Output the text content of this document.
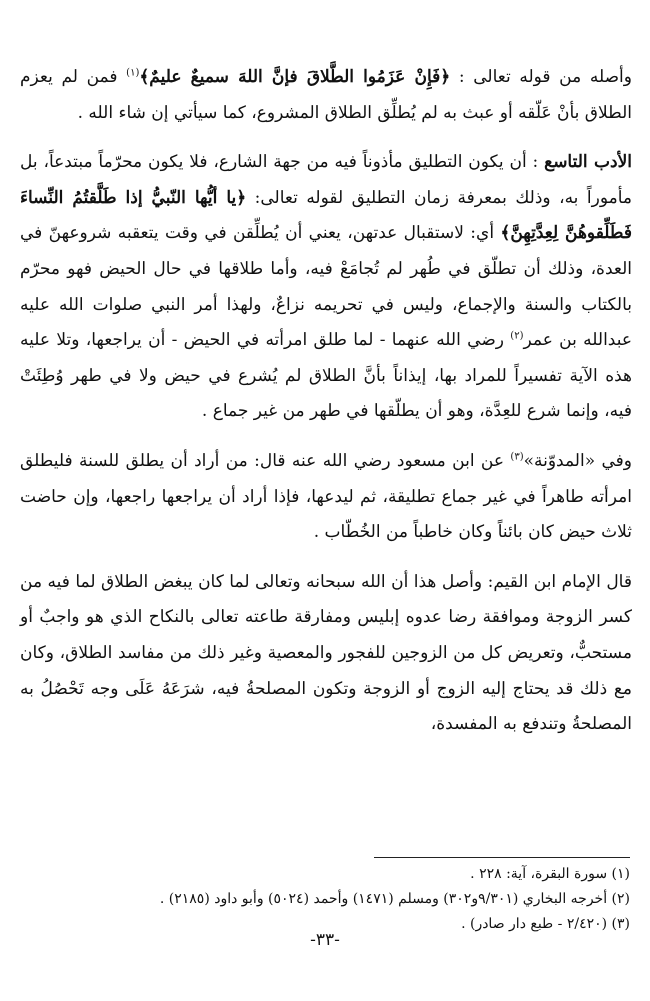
وأصله من قوله تعالى : ﴿فَإِنْ عَزَمُوا الطَّلاقَ فإنَّ اللهَ سميعٌ عليمٌ﴾$^{(١)}$ فمن لم يعزم الطلاق بأنْ عَلّقه أو عبث به لم يُطلِّق الطلاق المشروع، كما سيأتي إن شاء الله .

الأدب التاسع : أن يكون التطليق مأذوناً فيه من جهة الشارع، فلا يكون محرّماً مبتدعاً، بل مأموراً به، وذلك بمعرفة زمان التطليق لقوله تعالى: ﴿يا أيُّها النّبيُّ إذا طَلَّقتُمُ النِّساءَ فَطَلِّقوهُنَّ لِعِدَّتِهِنَّ﴾ أي: لاستقبال عدتهن، يعني أن يُطلِّقن في وقت يتعقبه شروعهنّ في العدة، وذلك أن تطلّق في طُهر لم تُجامَعْ فيه، وأما طلاقها في حال الحيض فهو محرّم بالكتاب والسنة والإجماع، وليس في تحريمه نزاعٌ، ولهذا أمر النبي صلوات الله عليه عبدالله بن عمر$^{(٢)}$ رضي الله عنهما - لما طلق امرأته في الحيض - أن يراجعها، وتلا عليه هذه الآية تفسيراً للمراد بها، إيذاناً بأنَّ الطلاق لم يُشرع في حيض ولا في طهر وُطِئَتْ فيه، وإنما شرع للعِدَّة، وهو أن يطلّقها في طهر من غير جماع .

وفي «المدوّنة»$^{(٣)}$ عن ابن مسعود رضي الله عنه قال: من أراد أن يطلق للسنة فليطلق امرأته طاهراً في غير جماع تطليقة، ثم ليدعها، فإذا أراد أن يراجعها راجعها، وإن حاضت ثلاث حيض كان بائناً وكان خاطباً من الخُطّاب .

قال الإمام ابن القيم: وأصل هذا أن الله سبحانه وتعالى لما كان يبغض الطلاق لما فيه من كسر الزوجة وموافقة رضا عدوه إبليس ومفارقة طاعته تعالى بالنكاح الذي هو واجبٌ أو مستحبٌّ، وتعريض كل من الزوجين للفجور والمعصية وغير ذلك من مفاسد الطلاق، وكان مع ذلك قد يحتاج إليه الزوج أو الزوجة وتكون المصلحةُ فيه، شرَعَهُ عَلَى وجه تَحْصُلُ به المصلحةُ وتندفع به المفسدة،

(١) سورة البقرة، آية: ٢٢٨ .

(٢) أخرجه البخاري (٩/٣٠١و٣٠٢) ومسلم (١٤٧١) وأحمد (٥٠٢٤) وأبو داود (٢١٨٥) .

(٣) (٢/٤٢٠ - طبع دار صادر) .

-٣٣-
